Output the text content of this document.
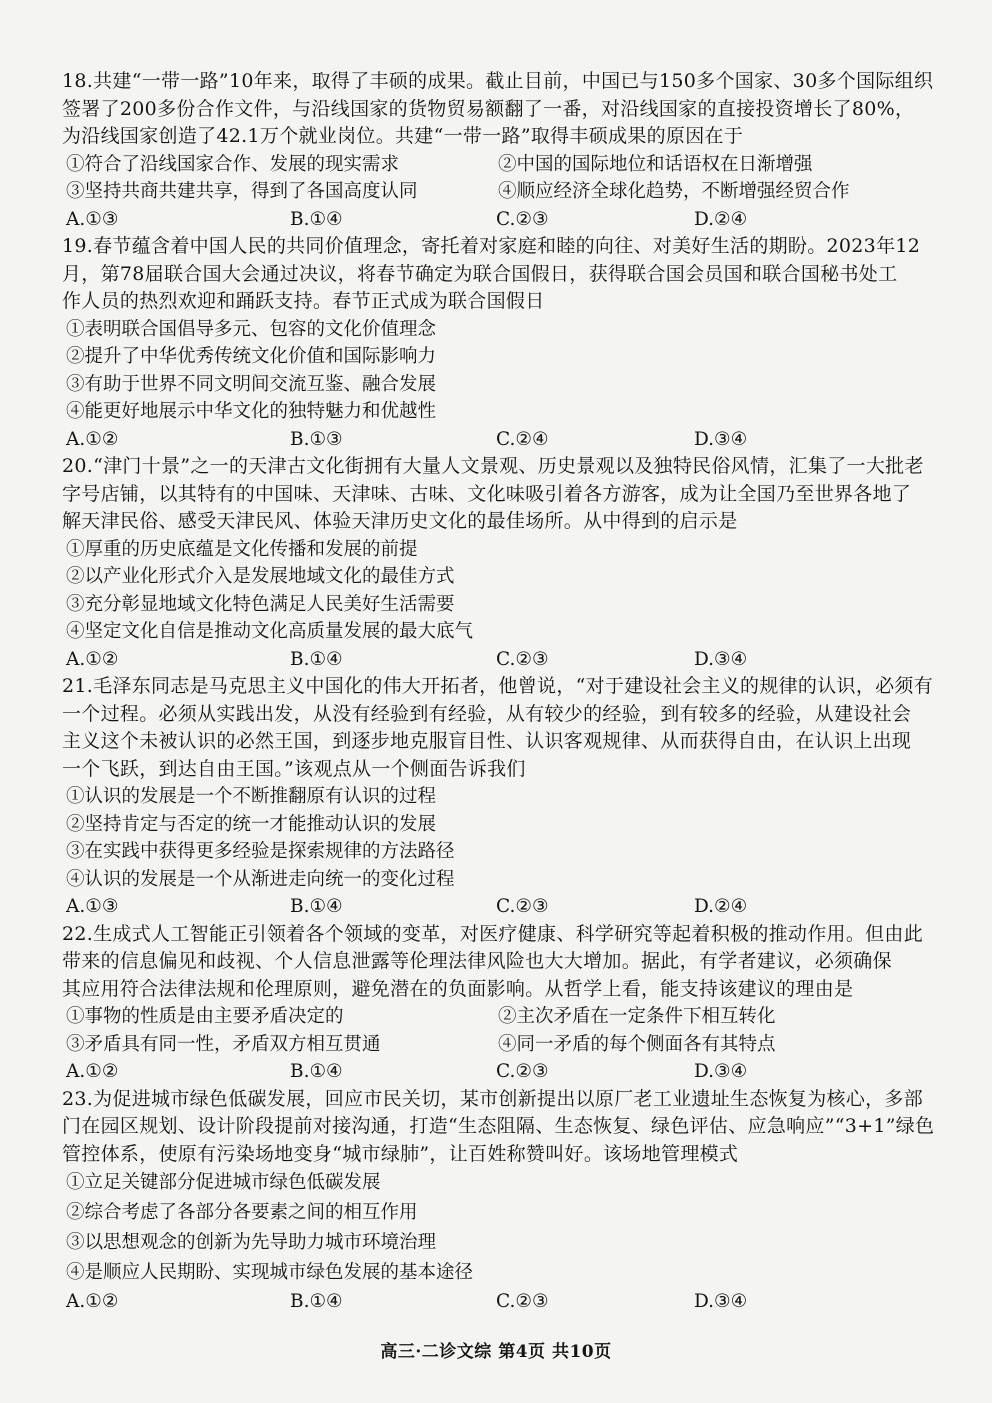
18.共建“一带一路”10年来，取得了丰硕的成果。截止目前，中国已与150多个国家、30多个国际组织
签署了200多份合作文件，与沿线国家的货物贸易额翻了一番，对沿线国家的直接投资增长了80%，
为沿线国家创造了42.1万个就业岗位。共建“一带一路”取得丰硕成果的原因在于
①符合了沿线国家合作、发展的现实需求	②中国的国际地位和话语权在日渐增强
③坚持共商共建共享，得到了各国高度认同	④顺应经济全球化趋势，不断增强经贸合作
A.①③	B.①④	C.②③	D.②④
19.春节蕴含着中国人民的共同价值理念，寄托着对家庭和睦的向往、对美好生活的期盼。2023年12
月，第78届联合国大会通过决议，将春节确定为联合国假日，获得联合国会员国和联合国秘书处工
作人员的热烈欢迎和踊跃支持。春节正式成为联合国假日
①表明联合国倡导多元、包容的文化价值理念
②提升了中华优秀传统文化价值和国际影响力
③有助于世界不同文明间交流互鉴、融合发展
④能更好地展示中华文化的独特魅力和优越性
A.①②	B.①③	C.②④	D.③④
20.“津门十景”之一的天津古文化街拥有大量人文景观、历史景观以及独特民俗风情，汇集了一大批老
字号店铺，以其特有的中国味、天津味、古味、文化味吸引着各方游客，成为让全国乃至世界各地了
解天津民俗、感受天津民风、体验天津历史文化的最佳场所。从中得到的启示是
①厚重的历史底蕴是文化传播和发展的前提
②以产业化形式介入是发展地域文化的最佳方式
③充分彰显地域文化特色满足人民美好生活需要
④坚定文化自信是推动文化高质量发展的最大底气
A.①②	B.①④	C.②③	D.③④
21.毛泽东同志是马克思主义中国化的伟大开拓者，他曾说，“对于建设社会主义的规律的认识，必须有
一个过程。必须从实践出发，从没有经验到有经验，从有较少的经验，到有较多的经验，从建设社会
主义这个未被认识的必然王国，到逐步地克服盲目性、认识客观规律、从而获得自由，在认识上出现
一个飞跃，到达自由王国。”该观点从一个侧面告诉我们
①认识的发展是一个不断推翻原有认识的过程
②坚持肯定与否定的统一才能推动认识的发展
③在实践中获得更多经验是探索规律的方法路径
④认识的发展是一个从渐进走向统一的变化过程
A.①③	B.①④	C.②③	D.②④
22.生成式人工智能正引领着各个领域的变革，对医疗健康、科学研究等起着积极的推动作用。但由此
带来的信息偏见和歧视、个人信息泄露等伦理法律风险也大大增加。据此，有学者建议，必须确保
其应用符合法律法规和伦理原则，避免潜在的负面影响。从哲学上看，能支持该建议的理由是
①事物的性质是由主要矛盾决定的	②主次矛盾在一定条件下相互转化
③矛盾具有同一性，矛盾双方相互贯通	④同一矛盾的每个侧面各有其特点
A.①②	B.①④	C.②③	D.③④
23.为促进城市绿色低碳发展，回应市民关切，某市创新提出以原厂老工业遗址生态恢复为核心，多部
门在园区规划、设计阶段提前对接沟通，打造“生态阻隔、生态恢复、绿色评估、应急响应”“3+1”绿色
管控体系，使原有污染场地变身“城市绿肺”，让百姓称赞叫好。该场地管理模式
①立足关键部分促进城市绿色低碳发展
②综合考虑了各部分各要素之间的相互作用
③以思想观念的创新为先导助力城市环境治理
④是顺应人民期盼、实现城市绿色发展的基本途径
A.①②	B.①④	C.②③	D.③④
高三·二诊文综 第4页 共10页
